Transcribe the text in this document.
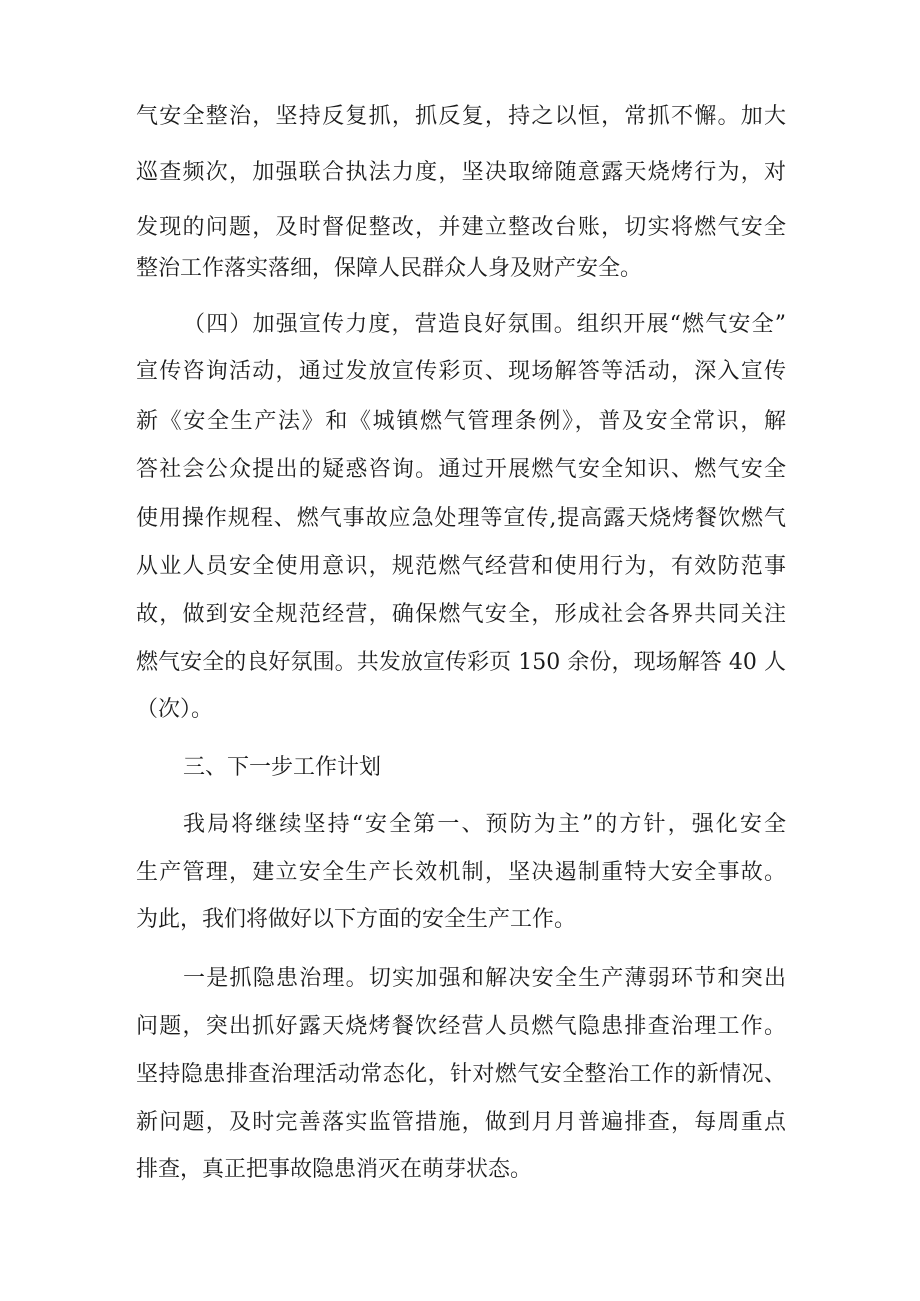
气安全整治，坚持反复抓，抓反复，持之以恒，常抓不懈。加大
巡查频次，加强联合执法力度，坚决取缔随意露天烧烤行为，对
发现的问题，及时督促整改，并建立整改台账，切实将燃气安全
整治工作落实落细，保障人民群众人身及财产安全。
（四）加强宣传力度，营造良好氛围。组织开展“燃气安全”
宣传咨询活动，通过发放宣传彩页、现场解答等活动，深入宣传
新《安全生产法》和《城镇燃气管理条例》，普及安全常识，解
答社会公众提出的疑惑咨询。通过开展燃气安全知识、燃气安全
使用操作规程、燃气事故应急处理等宣传,提高露天烧烤餐饮燃气
从业人员安全使用意识，规范燃气经营和使用行为，有效防范事
故，做到安全规范经营，确保燃气安全，形成社会各界共同关注
燃气安全的良好氛围。共发放宣传彩页 150 余份，现场解答 40 人
（次）。
三、下一步工作计划
我局将继续坚持“安全第一、预防为主”的方针，强化安全
生产管理，建立安全生产长效机制，坚决遏制重特大安全事故。
为此，我们将做好以下方面的安全生产工作。
一是抓隐患治理。切实加强和解决安全生产薄弱环节和突出
问题，突出抓好露天烧烤餐饮经营人员燃气隐患排查治理工作。
坚持隐患排查治理活动常态化，针对燃气安全整治工作的新情况、
新问题，及时完善落实监管措施，做到月月普遍排查，每周重点
排查，真正把事故隐患消灭在萌芽状态。
